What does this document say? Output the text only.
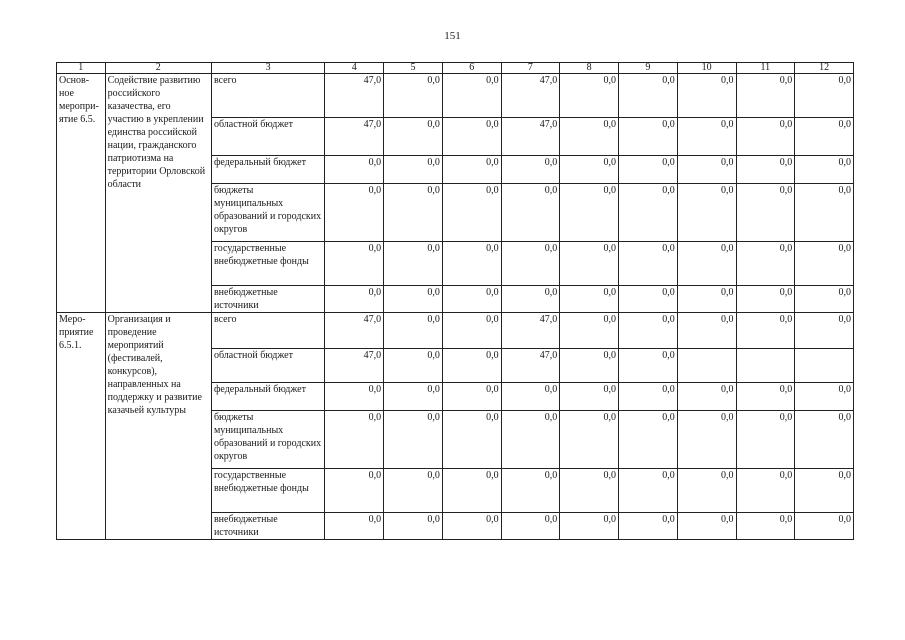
151
1	2	3	4	5	6	7	8	9	10	11	12
Основ-ное меропри-ятие 6.5.	Содействие развитию российского казачества, его участию в укреплении единства российской нации, гражданского патриотизма на территории Орловской области	всего	47,0	0,0	0,0	47,0	0,0	0,0	0,0	0,0	0,0
		областной бюджет	47,0	0,0	0,0	47,0	0,0	0,0	0,0	0,0	0,0
		федеральный бюджет	0,0	0,0	0,0	0,0	0,0	0,0	0,0	0,0	0,0
		бюджеты муниципальных образований и городских округов	0,0	0,0	0,0	0,0	0,0	0,0	0,0	0,0	0,0
		государственные внебюджетные фонды	0,0	0,0	0,0	0,0	0,0	0,0	0,0	0,0	0,0
		внебюджетные источники	0,0	0,0	0,0	0,0	0,0	0,0	0,0	0,0	0,0
Меро-приятие 6.5.1.	Организация и проведение мероприятий (фестивалей, конкурсов), направленных на поддержку и развитие казачьей культуры	всего	47,0	0,0	0,0	47,0	0,0	0,0	0,0	0,0	0,0
		областной бюджет	47,0	0,0	0,0	47,0	0,0	0,0			
		федеральный бюджет	0,0	0,0	0,0	0,0	0,0	0,0	0,0	0,0	0,0
		бюджеты муниципальных образований и городских округов	0,0	0,0	0,0	0,0	0,0	0,0	0,0	0,0	0,0
		государственные внебюджетные фонды	0,0	0,0	0,0	0,0	0,0	0,0	0,0	0,0	0,0
		внебюджетные источники	0,0	0,0	0,0	0,0	0,0	0,0	0,0	0,0	0,0
